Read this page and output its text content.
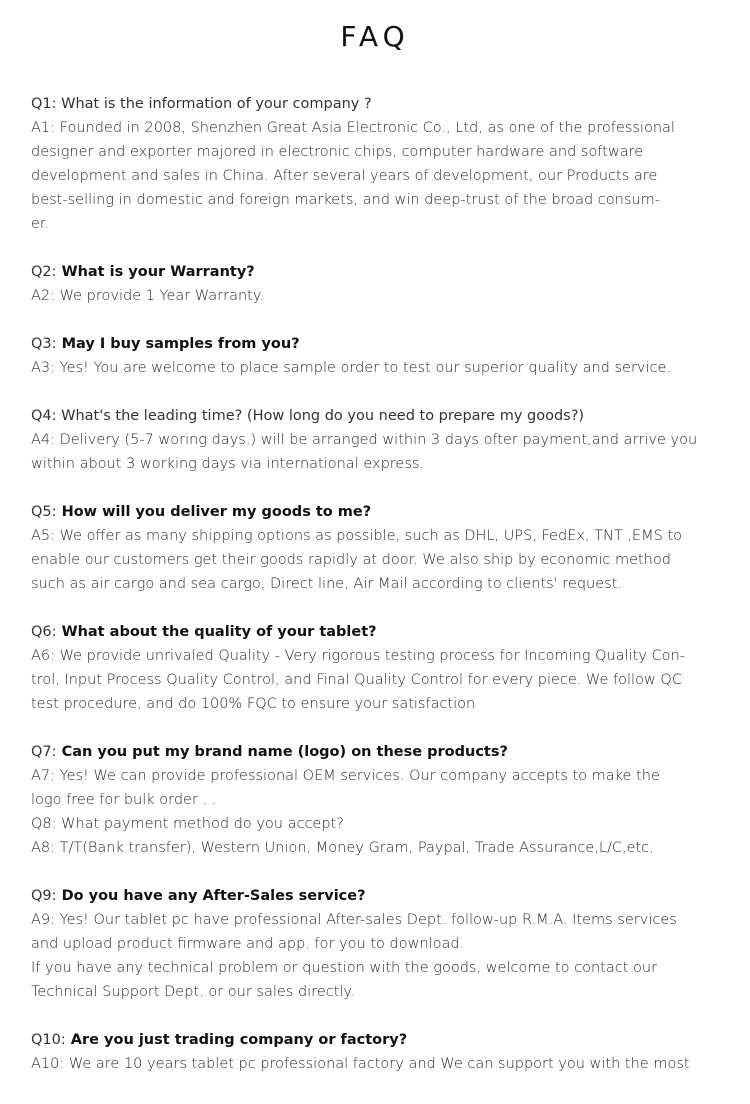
FAQ
Q1: What is the information of your company ?
A1: Founded in 2008, Shenzhen Great Asia Electronic Co., Ltd, as one of the professional
designer and exporter majored in electronic chips, computer hardware and software
development and sales in China. After several years of development, our Products are
best-selling in domestic and foreign markets, and win deep-trust of the broad consum-
er.
Q2: What is your Warranty?
A2: We provide 1 Year Warranty.
Q3: May I buy samples from you?
A3: Yes! You are welcome to place sample order to test our superior quality and service.
Q4: What's the leading time? (How long do you need to prepare my goods?)
A4: Delivery (5-7 woring days.) will be arranged within 3 days ofter payment,and arrive you
within about 3 working days via international express.
Q5: How will you deliver my goods to me?
A5: We offer as many shipping options as possible, such as DHL, UPS, FedEx, TNT ,EMS to
enable our customers get their goods rapidly at door. We also ship by economic method
such as air cargo and sea cargo, Direct line, Air Mail according to clients' request.
Q6: What about the quality of your tablet?
A6: We provide unrivaled Quality - Very rigorous testing process for Incoming Quality Con-
trol, Input Process Quality Control, and Final Quality Control for every piece. We follow QC
test procedure, and do 100% FQC to ensure your satisfaction
Q7: Can you put my brand name (logo) on these products?
A7: Yes! We can provide professional OEM services. Our company accepts to make the
logo free for bulk order . .
Q8: What payment method do you accept?
A8: T/T(Bank transfer), Western Union, Money Gram, Paypal, Trade Assurance,L/C,etc.
Q9: Do you have any After-Sales service?
A9: Yes! Our tablet pc have professional After-sales Dept. follow-up R.M.A. Items services
and upload product firmware and app. for you to download.
If you have any technical problem or question with the goods, welcome to contact our
Technical Support Dept. or our sales directly.
Q10: Are you just trading company or factory?
A10: We are 10 years tablet pc professional factory and We can support you with the most
